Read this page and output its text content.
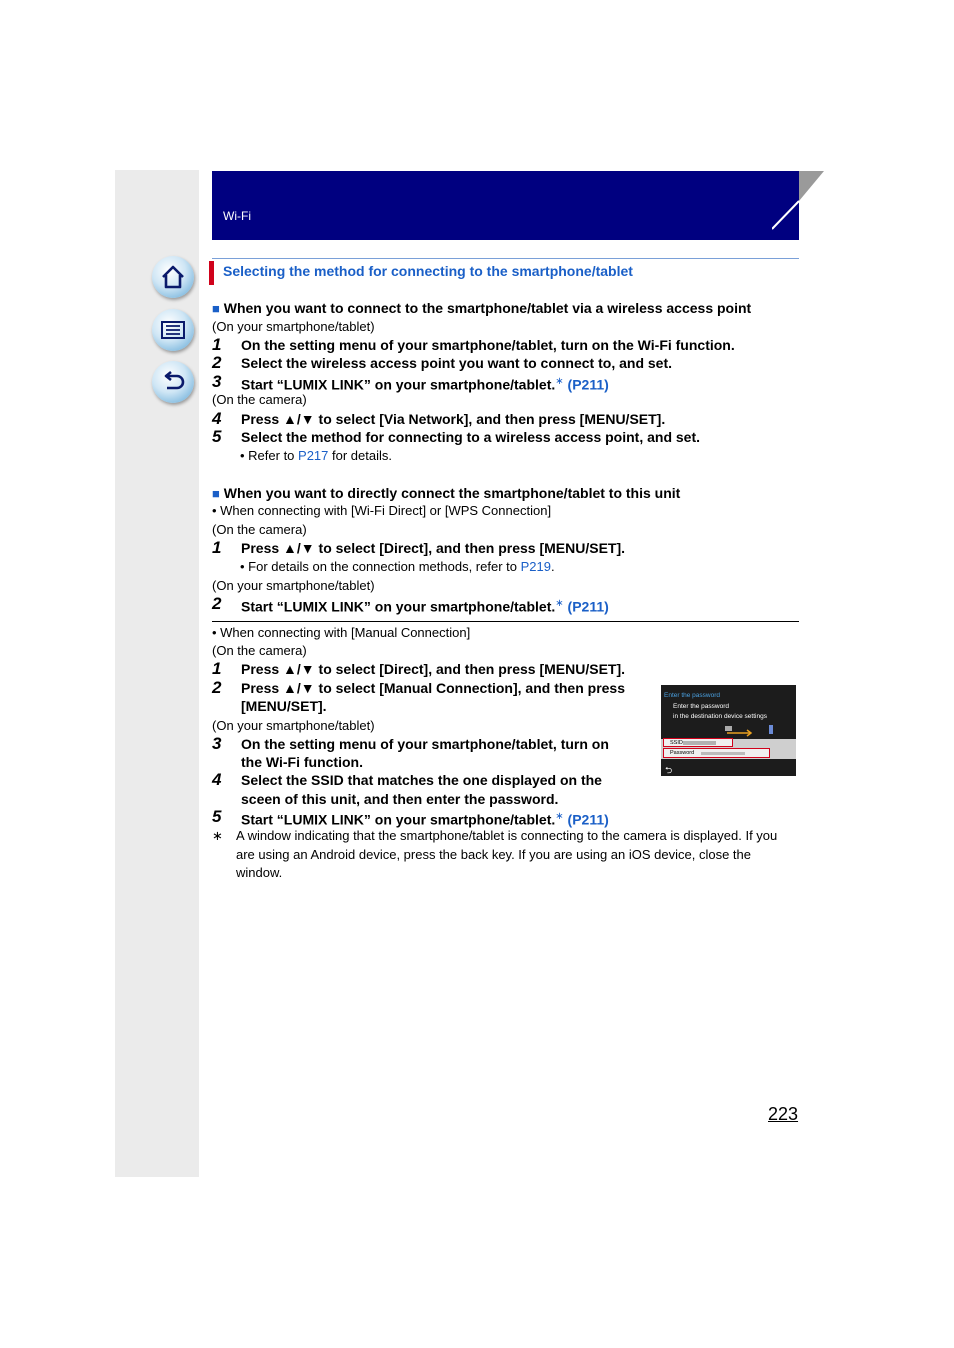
Wi-Fi
Selecting the method for connecting to the smartphone/tablet
■ When you want to connect to the smartphone/tablet via a wireless access point
(On your smartphone/tablet)
1 On the setting menu of your smartphone/tablet, turn on the Wi-Fi function.
2 Select the wireless access point you want to connect to, and set.
3 Start “LUMIX LINK” on your smartphone/tablet.∗ (P211)
(On the camera)
4 Press ▲/▼ to select [Via Network], and then press [MENU/SET].
5 Select the method for connecting to a wireless access point, and set.
• Refer to P217 for details.
■ When you want to directly connect the smartphone/tablet to this unit
• When connecting with [Wi-Fi Direct] or [WPS Connection]
(On the camera)
1 Press ▲/▼ to select [Direct], and then press [MENU/SET].
• For details on the connection methods, refer to P219.
(On your smartphone/tablet)
2 Start “LUMIX LINK” on your smartphone/tablet.∗ (P211)
• When connecting with [Manual Connection]
(On the camera)
1 Press ▲/▼ to select [Direct], and then press [MENU/SET].
2 Press ▲/▼ to select [Manual Connection], and then press
[MENU/SET].
(On your smartphone/tablet)
3 On the setting menu of your smartphone/tablet, turn on
the Wi-Fi function.
4 Select the SSID that matches the one displayed on the
sceen of this unit, and then enter the password.
5 Start “LUMIX LINK” on your smartphone/tablet.∗ (P211)
Enter the password
Enter the password
in the destination device settings
SSID
Password
⮌
∗ A window indicating that the smartphone/tablet is connecting to the camera is displayed. If you are using an Android device, press the back key. If you are using an iOS device, close the window.
223
